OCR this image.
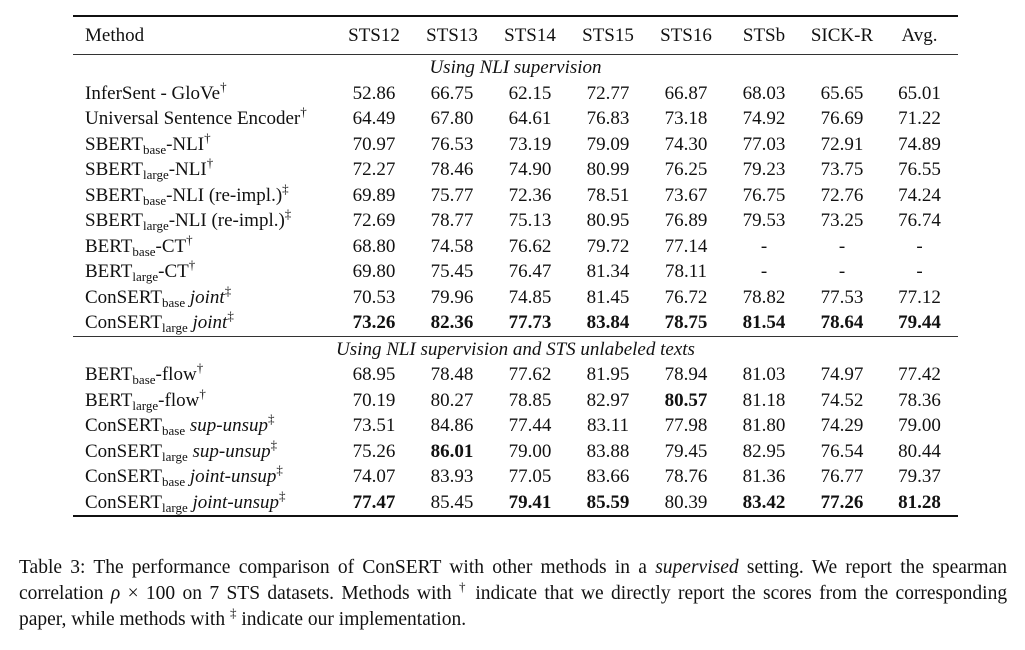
Method	STS12	STS13	STS14	STS15	STS16	STSb	SICK-R	Avg.
Using NLI supervision								
InferSent - GloVe†	52.86	66.75	62.15	72.77	66.87	68.03	65.65	65.01
Universal Sentence Encoder†	64.49	67.80	64.61	76.83	73.18	74.92	76.69	71.22
$SBERT_{base}-NLI^\dagger$	70.97	76.53	73.19	79.09	74.30	77.03	72.91	74.89
$SBERT_{large}-NLI^\dagger$	72.27	78.46	74.90	80.99	76.25	79.23	73.75	76.55
$SBERT_{base}$-NLI (re-impl.)‡	69.89	75.77	72.36	78.51	73.67	76.75	72.76	74.24
$SBERT_{large}$-NLI (re-impl.)‡	72.69	78.77	75.13	80.95	76.89	79.53	73.25	76.74
$BERT_{base}-CT^\dagger$	68.80	74.58	76.62	79.72	77.14	-	-	-
$BERT_{large}-CT^\dagger$	69.80	75.45	76.47	81.34	78.11	-	-	-
ConSERT$_{base}$ joint‡	70.53	79.96	74.85	81.45	76.72	78.82	77.53	77.12
ConSERT$_{large}$ joint‡	73.26	82.36	77.73	83.84	78.75	81.54	78.64	79.44
Using NLI supervision and STS unlabeled texts								
$BERT_{base}-flow^\dagger$	68.95	78.48	77.62	81.95	78.94	81.03	74.97	77.42
$BERT_{large}-flow^\dagger$	70.19	80.27	78.85	82.97	80.57	81.18	74.52	78.36
ConSERT$_{base}$ sup-unsup‡	73.51	84.86	77.44	83.11	77.98	81.80	74.29	79.00
ConSERT$_{large}$ sup-unsup‡	75.26	86.01	79.00	83.88	79.45	82.95	76.54	80.44
ConSERT$_{base}$ joint-unsup‡	74.07	83.93	77.05	83.66	78.76	81.36	76.77	79.37
ConSERT$_{large}$ joint-unsup‡	77.47	85.45	79.41	85.59	80.39	83.42	77.26	81.28
Table 3: The performance comparison of ConSERT with other methods in a supervised setting. We report the spearman correlation ρ × 100 on 7 STS datasets. Methods with † indicate that we directly report the scores from the corresponding paper, while methods with ‡ indicate our implementation.
